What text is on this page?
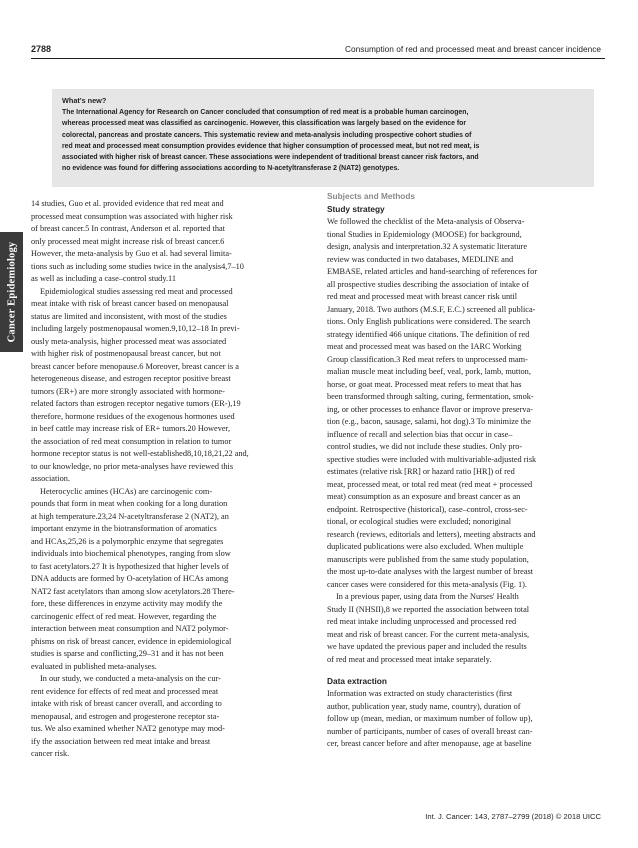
2788	Consumption of red and processed meat and breast cancer incidence
Cancer Epidemiology
What's new?
The International Agency for Research on Cancer concluded that consumption of red meat is a probable human carcinogen,
whereas processed meat was classified as carcinogenic. However, this classification was largely based on the evidence for
colorectal, pancreas and prostate cancers. This systematic review and meta-analysis including prospective cohort studies of
red meat and processed meat consumption provides evidence that higher consumption of processed meat, but not red meat, is
associated with higher risk of breast cancer. These associations were independent of traditional breast cancer risk factors, and
no evidence was found for differing associations according to N-acetyltransferase 2 (NAT2) genotypes.
14 studies, Guo et al. provided evidence that red meat and
processed meat consumption was associated with higher risk
of breast cancer.5 In contrast, Anderson et al. reported that
only processed meat might increase risk of breast cancer.6
However, the meta-analysis by Guo et al. had several limita-
tions such as including some studies twice in the analysis4,7–10
as well as including a case–control study.11
Epidemiological studies assessing red meat and processed
meat intake with risk of breast cancer based on menopausal
status are limited and inconsistent, with most of the studies
including largely postmenopausal women.9,10,12–18 In previ-
ously meta-analysis, higher processed meat was associated
with higher risk of postmenopausal breast cancer, but not
breast cancer before menopause.6 Moreover, breast cancer is a
heterogeneous disease, and estrogen receptor positive breast
tumors (ER+) are more strongly associated with hormone-
related factors than estrogen receptor negative tumors (ER-),19
therefore, hormone residues of the exogenous hormones used
in beef cattle may increase risk of ER+ tumors.20 However,
the association of red meat consumption in relation to tumor
hormone receptor status is not well-established8,10,18,21,22 and,
to our knowledge, no prior meta-analyses have reviewed this
association.
Heterocyclic amines (HCAs) are carcinogenic com-
pounds that form in meat when cooking for a long duration
at high temperature.23,24 N-acetyltransferase 2 (NAT2), an
important enzyme in the biotransformation of aromatics
and HCAs,25,26 is a polymorphic enzyme that segregates
individuals into biochemical phenotypes, ranging from slow
to fast acetylators.27 It is hypothesized that higher levels of
DNA adducts are formed by O-acetylation of HCAs among
NAT2 fast acetylators than among slow acetylators.28 There-
fore, these differences in enzyme activity may modify the
carcinogenic effect of red meat. However, regarding the
interaction between meat consumption and NAT2 polymor-
phisms on risk of breast cancer, evidence in epidemiological
studies is sparse and conflicting,29–31 and it has not been
evaluated in published meta-analyses.
In our study, we conducted a meta-analysis on the cur-
rent evidence for effects of red meat and processed meat
intake with risk of breast cancer overall, and according to
menopausal, and estrogen and progesterone receptor sta-
tus. We also examined whether NAT2 genotype may mod-
ify the association between red meat intake and breast
cancer risk.
Subjects and Methods
Study strategy
We followed the checklist of the Meta-analysis of Observa-
tional Studies in Epidemiology (MOOSE) for background,
design, analysis and interpretation.32 A systematic literature
review was conducted in two databases, MEDLINE and
EMBASE, related articles and hand-searching of references for
all prospective studies describing the association of intake of
red meat and processed meat with breast cancer risk until
January, 2018. Two authors (M.S.F, E.C.) screened all publica-
tions. Only English publications were considered. The search
strategy identified 466 unique citations. The definition of red
meat and processed meat was based on the IARC Working
Group classification.3 Red meat refers to unprocessed mam-
malian muscle meat including beef, veal, pork, lamb, mutton,
horse, or goat meat. Processed meat refers to meat that has
been transformed through salting, curing, fermentation, smok-
ing, or other processes to enhance flavor or improve preserva-
tion (e.g., bacon, sausage, salami, hot dog).3 To minimize the
influence of recall and selection bias that occur in case–
control studies, we did not include these studies. Only pro-
spective studies were included with multivariable-adjusted risk
estimates (relative risk [RR] or hazard ratio [HR]) of red
meat, processed meat, or total red meat (red meat + processed
meat) consumption as an exposure and breast cancer as an
endpoint. Retrospective (historical), case–control, cross-sec-
tional, or ecological studies were excluded; nonoriginal
research (reviews, editorials and letters), meeting abstracts and
duplicated publications were also excluded. When multiple
manuscripts were published from the same study population,
the most up-to-date analyses with the largest number of breast
cancer cases were considered for this meta-analysis (Fig. 1).
In a previous paper, using data from the Nurses' Health
Study II (NHSII),8 we reported the association between total
red meat intake including unprocessed and processed red
meat and risk of breast cancer. For the current meta-analysis,
we have updated the previous paper and included the results
of red meat and processed meat intake separately.
Data extraction
Information was extracted on study characteristics (first
author, publication year, study name, country), duration of
follow up (mean, median, or maximum number of follow up),
number of participants, number of cases of overall breast can-
cer, breast cancer before and after menopause, age at baseline
Int. J. Cancer: 143, 2787–2799 (2018) © 2018 UICC
